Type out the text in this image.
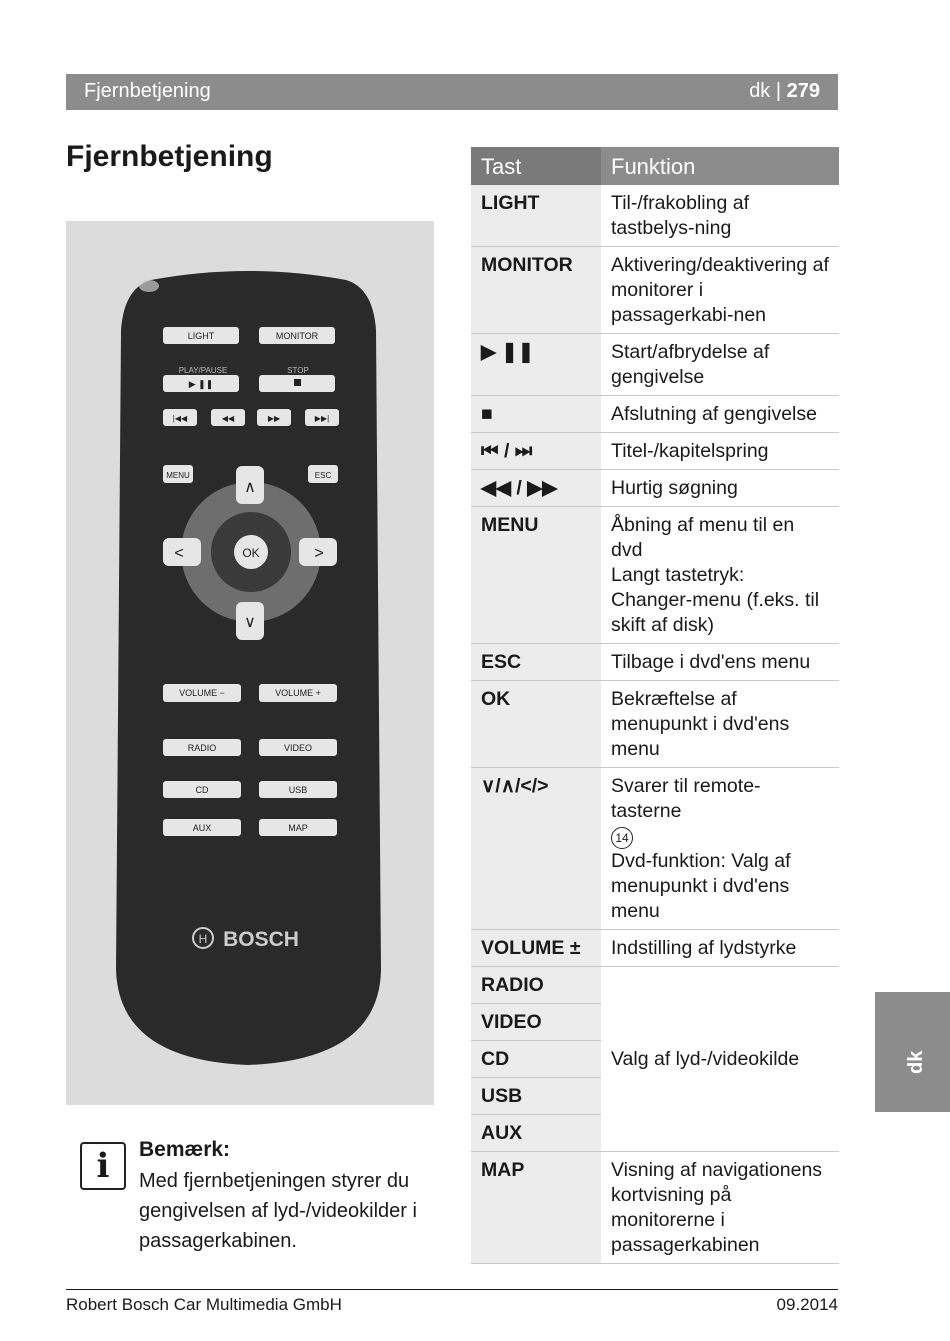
Fjernbetjening	dk | 279
Fjernbetjening
LIGHT	MONITOR
PLAY/PAUSE	STOP
▶ ❚❚
|◀◀	◀◀	▶▶	▶▶|
MENU	ESC
OK
∧
∨
<	>
VOLUME −	VOLUME +
RADIO	VIDEO
CD	USB
AUX	MAP
H BOSCH
i	Bemærk:
Med fjernbetjeningen styrer du gengivelsen af lyd-/videokilder i passagerkabinen.
Tast	Funktion
LIGHT	Til-/frakobling af tastbelys-ning
MONITOR	Aktivering/deaktivering af monitorer i passagerkabi-nen
▶ ❚❚	Start/afbrydelse af gengivelse
■	Afslutning af gengivelse
⏮ / ⏭	Titel-/kapitelspring
◀◀ / ▶▶	Hurtig søgning
MENU	Åbning af menu til en dvd
Langt tastetryk: Changer-menu (f.eks. til skift af disk)

ESC	Tilbage i dvd'ens menu
OK	Bekræftelse af menupunkt i dvd'ens menu
∨/∧/</>	Svarer til remote-tasterne
14
Dvd-funktion: Valg af menupunkt i dvd'ens menu

VOLUME ±	Indstilling af lydstyrke
RADIO	Valg af lyd-/videokilde
VIDEO	
CD	
USB	
AUX	
MAP	Visning af navigationens kortvisning på monitorerne i passagerkabinen
dk
Robert Bosch Car Multimedia GmbH	09.2014
